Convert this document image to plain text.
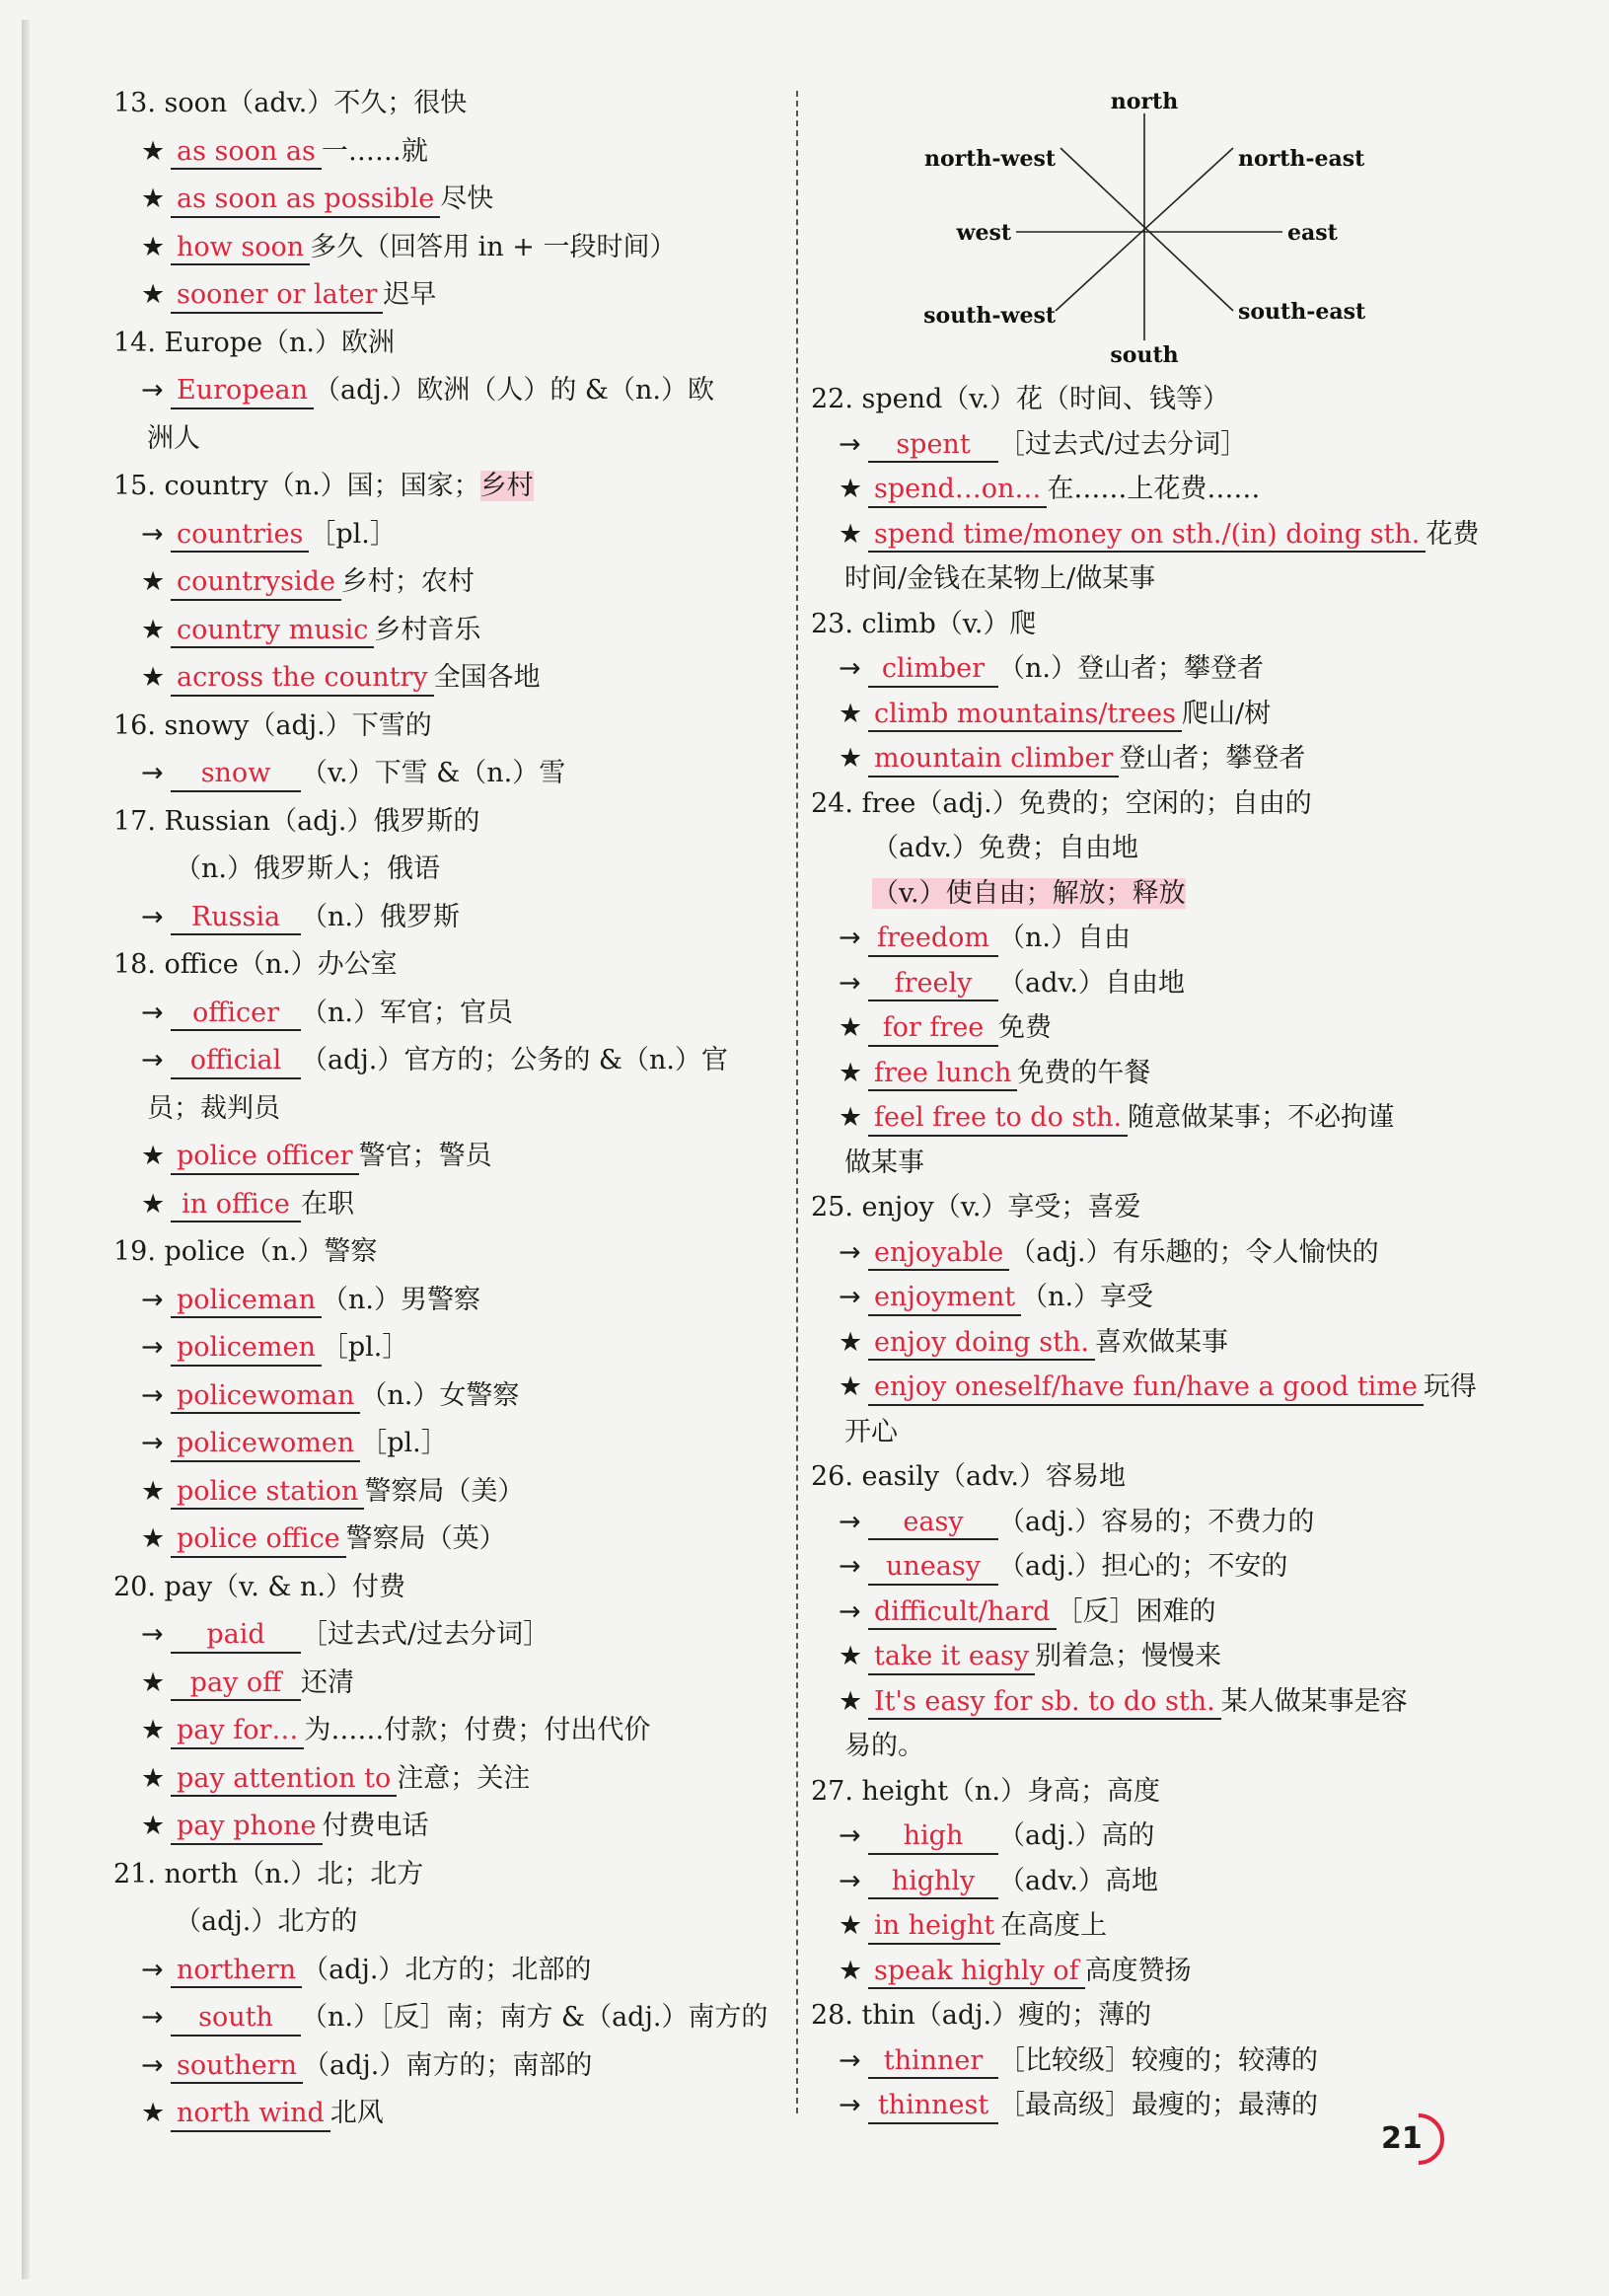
13. soon（adv.）不久；很快
★ as soon as 一……就
★ as soon as possible 尽快
★ how soon 多久（回答用 in + 一段时间）
★ sooner or later 迟早
14. Europe（n.）欧洲
→ European （adj.）欧洲（人）的 &（n.）欧
洲人
15. country（n.）国；国家；乡村
→ countries ［pl.］
★ countryside 乡村；农村
★ country music 乡村音乐
★ across the country 全国各地
16. snowy（adj.）下雪的
→ snow （v.）下雪 &（n.）雪
17. Russian（adj.）俄罗斯的
（n.）俄罗斯人；俄语
→ Russia （n.）俄罗斯
18. office（n.）办公室
→ officer （n.）军官；官员
→ official （adj.）官方的；公务的 &（n.）官
员；裁判员
★ police officer 警官；警员
★ in office 在职
19. police（n.）警察
→ policeman （n.）男警察
→ policemen ［pl.］
→ policewoman （n.）女警察
→ policewomen ［pl.］
★ police station 警察局（美）
★ police office 警察局（英）
20. pay（v. & n.）付费
→ paid ［过去式/过去分词］
★ pay off 还清
★ pay for… 为……付款；付费；付出代价
★ pay attention to 注意；关注
★ pay phone 付费电话
21. north（n.）北；北方
（adj.）北方的
→ northern （adj.）北方的；北部的
→ south （n.）［反］南；南方 &（adj.）南方的
→ southern （adj.）南方的；南部的
★ north wind 北风
22. spend（v.）花（时间、钱等）
→ spent ［过去式/过去分词］
★ spend…on… 在……上花费……
★ spend time/money on sth./(in) doing sth. 花费
时间/金钱在某物上/做某事
23. climb（v.）爬
→ climber （n.）登山者；攀登者
★ climb mountains/trees 爬山/树
★ mountain climber 登山者；攀登者
24. free（adj.）免费的；空闲的；自由的
（adv.）免费；自由地
（v.）使自由；解放；释放
→ freedom （n.）自由
→ freely （adv.）自由地
★ for free 免费
★ free lunch 免费的午餐
★ feel free to do sth. 随意做某事；不必拘谨
做某事
25. enjoy（v.）享受；喜爱
→ enjoyable （adj.）有乐趣的；令人愉快的
→ enjoyment （n.）享受
★ enjoy doing sth. 喜欢做某事
★ enjoy oneself/have fun/have a good time 玩得
开心
26. easily（adv.）容易地
→ easy （adj.）容易的；不费力的
→ uneasy （adj.）担心的；不安的
→ difficult/hard ［反］困难的
★ take it easy 别着急；慢慢来
★ It's easy for sb. to do sth. 某人做某事是容
易的。
27. height（n.）身高；高度
→ high （adj.）高的
→ highly （adv.）高地
★ in height 在高度上
★ speak highly of 高度赞扬
28. thin（adj.）瘦的；薄的
→ thinner ［比较级］较瘦的；较薄的
→ thinnest ［最高级］最瘦的；最薄的
north
south
east
west
north-east
north-west
south-east
south-west
21
